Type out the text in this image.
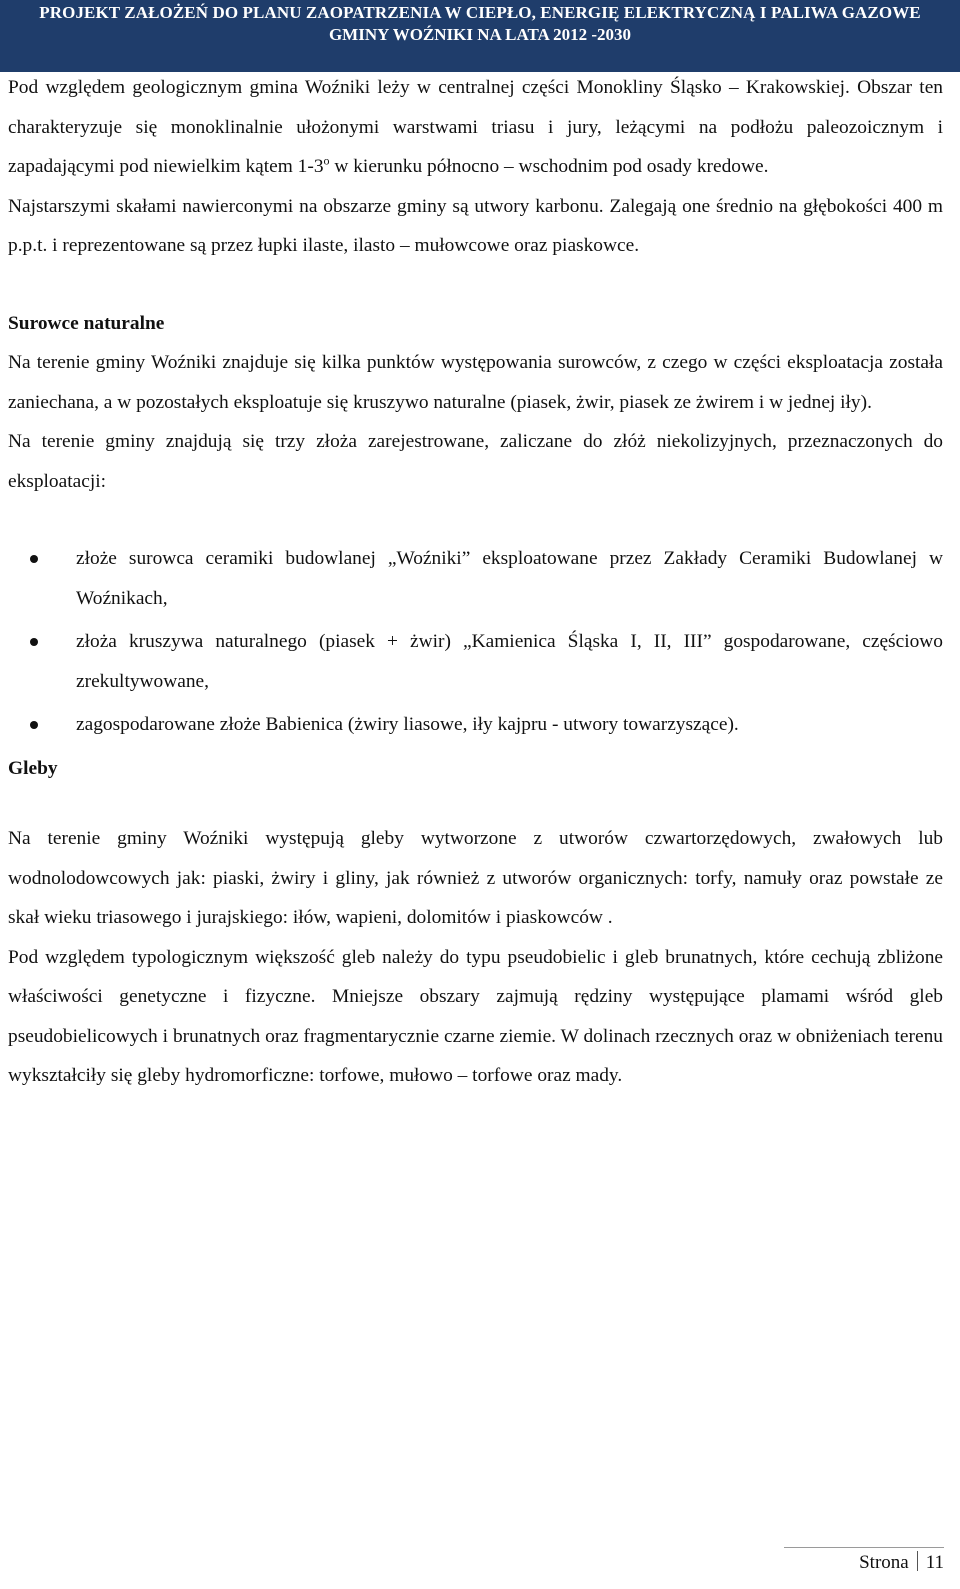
PROJEKT ZAŁOŻEŃ DO PLANU ZAOPATRZENIA W CIEPŁO, ENERGIĘ ELEKTRYCZNĄ I PALIWA GAZOWE
GMINY WOŹNIKI NA LATA 2012 -2030

Pod względem geologicznym gmina Woźniki leży w centralnej części Monokliny Śląsko – Krakowskiej. Obszar ten charakteryzuje się monoklinalnie ułożonymi warstwami triasu i jury, leżącymi na podłożu paleozoicznym i zapadającymi pod niewielkim kątem 1-3$^o$ w kierunku północno – wschodnim pod osady kredowe.

Najstarszymi skałami nawierconymi na obszarze gminy są utwory karbonu. Zalegają one średnio na głębokości 400 m p.p.t. i reprezentowane są przez łupki ilaste, ilasto – mułowcowe oraz piaskowce.

Surowce naturalne

Na terenie gminy Woźniki znajduje się kilka punktów występowania surowców, z czego w części eksploatacja została zaniechana, a w pozostałych eksploatuje się kruszywo naturalne (piasek, żwir, piasek ze żwirem i w jednej iły).

Na terenie gminy znajdują się trzy złoża zarejestrowane, zaliczane do złóż niekolizyjnych, przeznaczonych do eksploatacji:

złoże surowca ceramiki budowlanej „Woźniki” eksploatowane przez Zakłady Ceramiki Budowlanej w Woźnikach,
złoża kruszywa naturalnego (piasek + żwir) „Kamienica Śląska I, II, III” gospodarowane, częściowo zrekultywowane,
zagospodarowane złoże Babienica (żwiry liasowe, iły kajpru - utwory towarzyszące).

Gleby

Na terenie gminy Woźniki występują gleby wytworzone z utworów czwartorzędowych, zwałowych lub wodnolodowcowych jak: piaski, żwiry i gliny, jak również z utworów organicznych: torfy, namuły oraz powstałe ze skał wieku triasowego i jurajskiego: iłów, wapieni, dolomitów i piaskowców .

Pod względem typologicznym większość gleb należy do typu pseudobielic i gleb brunatnych, które cechują zbliżone właściwości genetyczne i fizyczne. Mniejsze obszary zajmują rędziny występujące plamami wśród gleb pseudobielicowych i brunatnych oraz fragmentarycznie czarne ziemie. W dolinach rzecznych oraz w obniżeniach terenu wykształciły się gleby hydromorficzne: torfowe, mułowo – torfowe oraz mady.

Strona 11
